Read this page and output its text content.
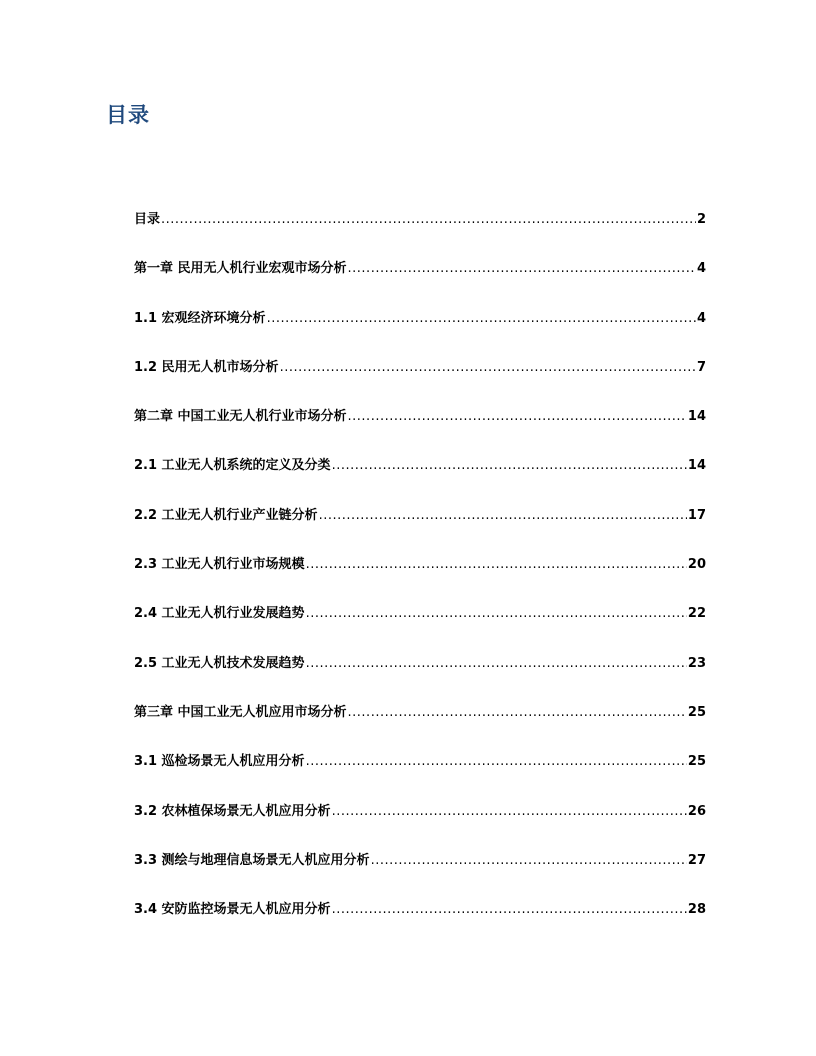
目录
目录 .....	2
第一章 民用无人机行业宏观市场分析 .....	4
1.1 宏观经济环境分析 .....	4
1.2 民用无人机市场分析 .....	7
第二章 中国工业无人机行业市场分析 .....	14
2.1 工业无人机系统的定义及分类 .....	14
2.2 工业无人机行业产业链分析 .....	17
2.3 工业无人机行业市场规模 .....	20
2.4 工业无人机行业发展趋势 .....	22
2.5 工业无人机技术发展趋势 .....	23
第三章 中国工业无人机应用市场分析 .....	25
3.1 巡检场景无人机应用分析 .....	25
3.2 农林植保场景无人机应用分析 .....	26
3.3 测绘与地理信息场景无人机应用分析 .....	27
3.4 安防监控场景无人机应用分析 .....	28
